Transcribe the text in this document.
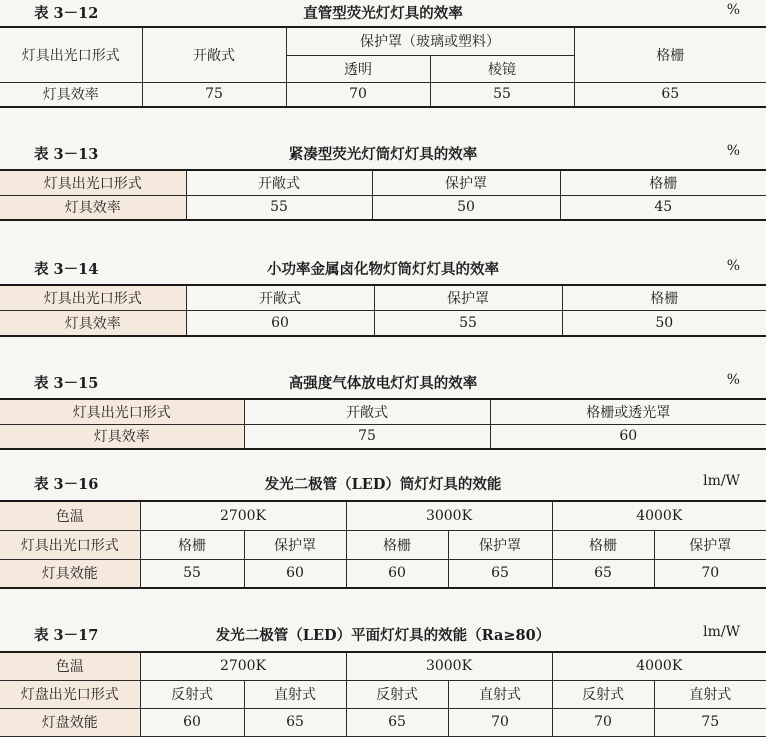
表 3－12	直管型荧光灯灯具的效率	%
灯具出光口形式	开敞式	保护罩（玻璃或塑料）		格栅
		透明	棱镜	
灯具效率	75	70	55	65
表 3－13	紧凑型荧光灯筒灯灯具的效率	%
灯具出光口形式	开敞式	保护罩	格栅
灯具效率	55	50	45
表 3－14	小功率金属卤化物灯筒灯灯具的效率	%
灯具出光口形式	开敞式	保护罩	格栅
灯具效率	60	55	50
表 3－15	高强度气体放电灯灯具的效率	%
灯具出光口形式	开敞式	格栅或透光罩
灯具效率	75	60
表 3－16	发光二极管（LED）筒灯灯具的效能	lm/W
色温	2700K		3000K		4000K	
灯具出光口形式	格栅	保护罩	格栅	保护罩	格栅	保护罩
灯具效能	55	60	60	65	65	70
表 3－17	发光二极管（LED）平面灯灯具的效能（Ra≥80）	lm/W
色温	2700K		3000K		4000K	
灯盘出光口形式	反射式	直射式	反射式	直射式	反射式	直射式
灯盘效能	60	65	65	70	70	75
